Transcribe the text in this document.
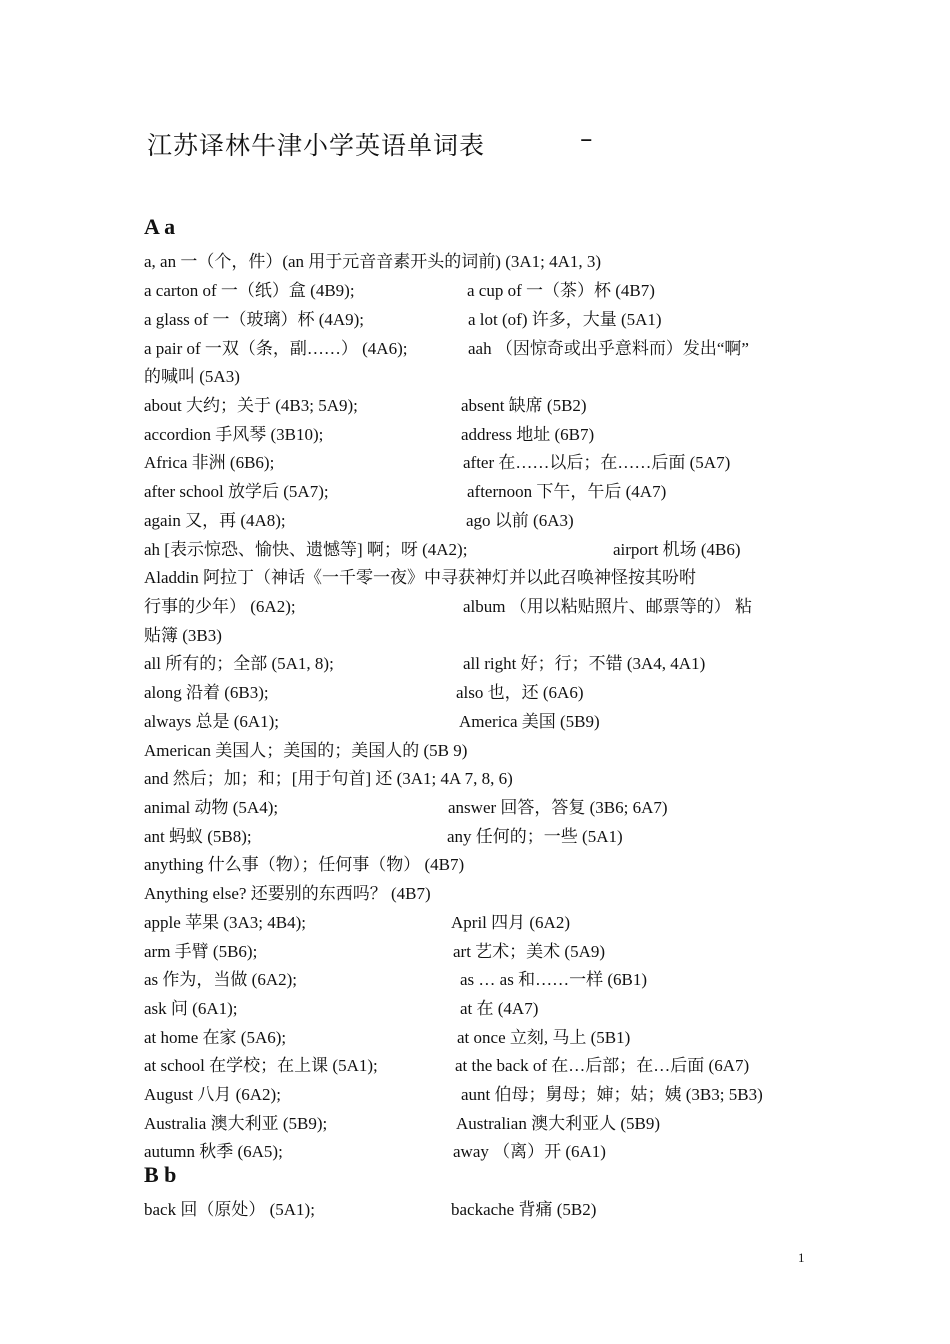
江苏译林牛津小学英语单词表	–
A a
a, an 一（个，件）(an 用于元音音素开头的词前) (3A1; 4A1, 3)
a carton of 一（纸）盒 (4B9);	a cup of 一（茶）杯 (4B7)
a glass of 一（玻璃）杯 (4A9);	a lot (of) 许多，大量 (5A1)
a pair of 一双（条，副……） (4A6);	aah （因惊奇或出乎意料而）发出“啊”
的喊叫 (5A3)
about 大约；关于 (4B3; 5A9);	absent 缺席 (5B2)
accordion 手风琴 (3B10);	address 地址 (6B7)
Africa 非洲 (6B6);	after 在……以后；在……后面 (5A7)
after school 放学后 (5A7);	afternoon 下午，午后 (4A7)
again 又，再 (4A8);	ago 以前 (6A3)
ah [表示惊恐、愉快、遗憾等] 啊；呀 (4A2);	airport 机场 (4B6)
Aladdin 阿拉丁（神话《一千零一夜》中寻获神灯并以此召唤神怪按其吩咐
行事的少年） (6A2);	album （用以粘贴照片、邮票等的） 粘
贴簿 (3B3)
all 所有的；全部 (5A1, 8);	all right 好；行；不错 (3A4, 4A1)
along 沿着 (6B3);	also 也，还 (6A6)
always 总是 (6A1);	America 美国 (5B9)
American 美国人；美国的；美国人的 (5B 9)
and 然后；加；和；[用于句首] 还 (3A1; 4A 7, 8, 6)
animal 动物 (5A4);	answer 回答，答复 (3B6; 6A7)
ant 蚂蚁 (5B8);	any 任何的；一些 (5A1)
anything 什么事（物）；任何事（物） (4B7)
Anything else? 还要别的东西吗？ (4B7)
apple 苹果 (3A3; 4B4);	April 四月 (6A2)
arm 手臂 (5B6);	art 艺术；美术 (5A9)
as 作为，当做 (6A2);	as … as 和……一样 (6B1)
ask 问 (6A1);	at 在 (4A7)
at home 在家 (5A6);	at once 立刻, 马上 (5B1)
at school 在学校；在上课 (5A1);	at the back of 在…后部；在…后面 (6A7)
August 八月 (6A2);	aunt 伯母；舅母；婶；姑；姨 (3B3; 5B3)
Australia 澳大利亚 (5B9);	Australian 澳大利亚人 (5B9)
autumn 秋季 (6A5);	away （离）开 (6A1)
B b
back 回（原处） (5A1);	backache 背痛 (5B2)
1
